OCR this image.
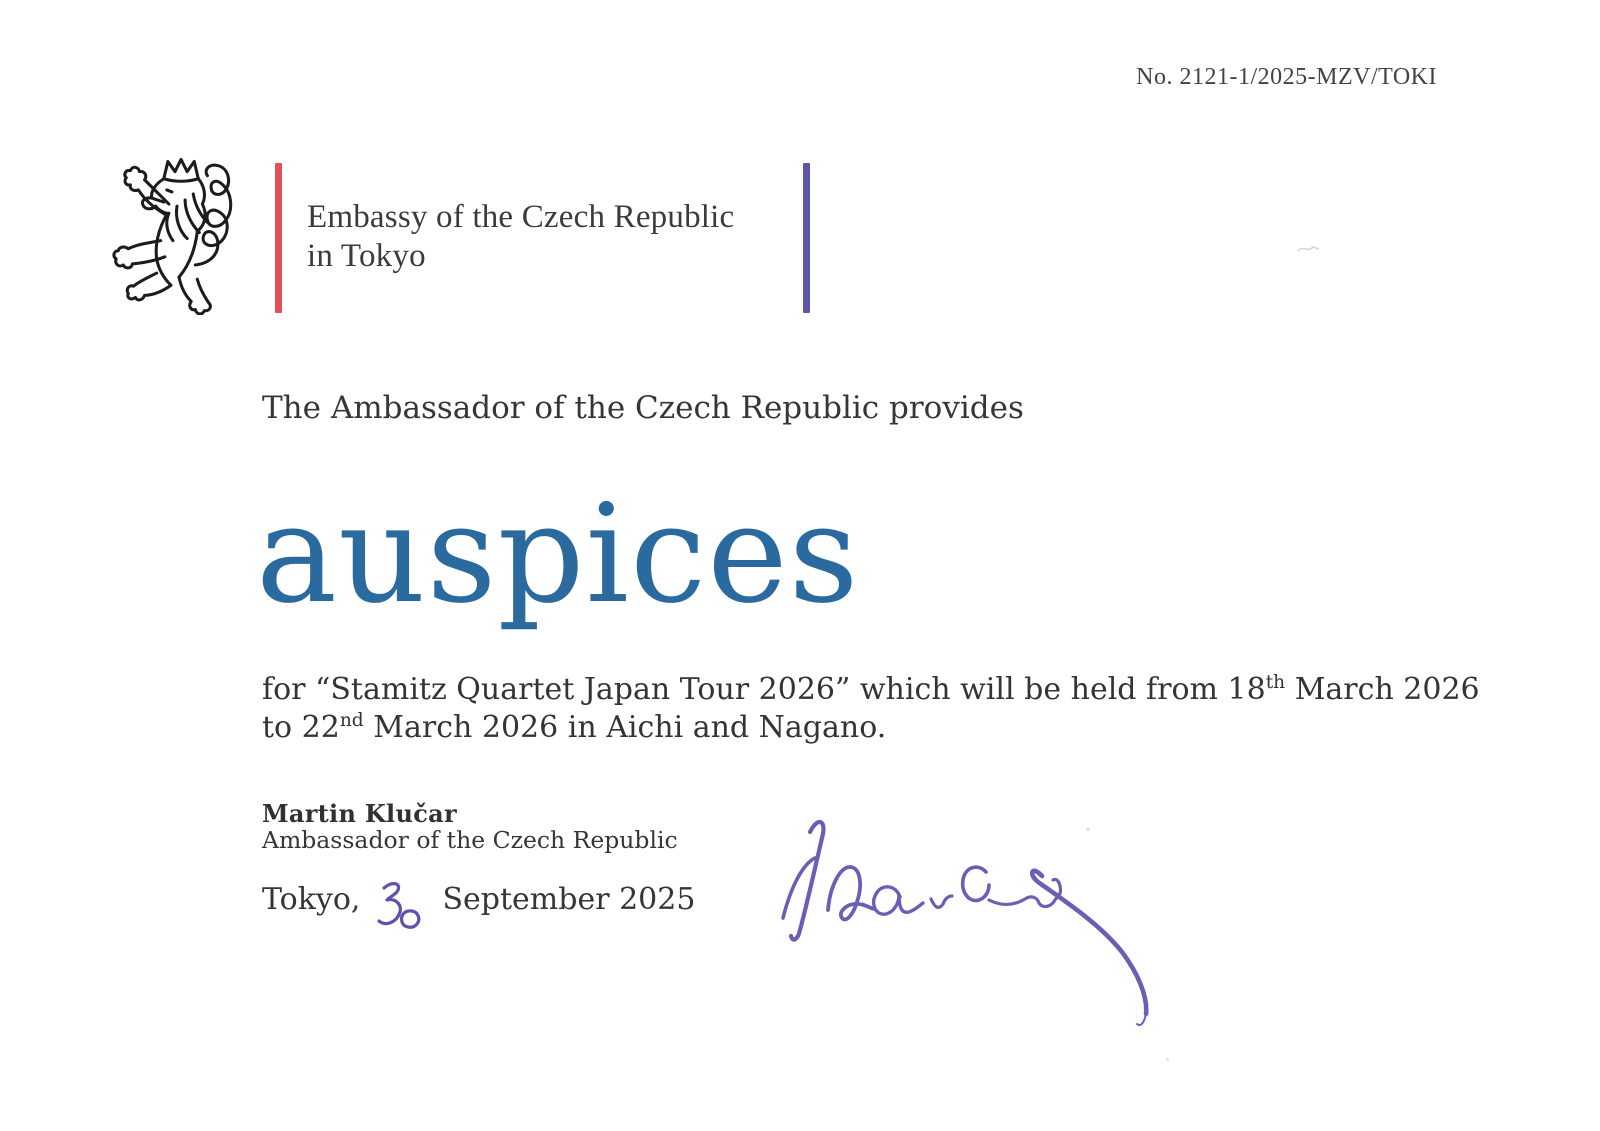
No. 2121-1/2025-MZV/TOKI
Embassy of the Czech Republic
in Tokyo
The Ambassador of the Czech Republic provides
auspices
for “Stamitz Quartet Japan Tour 2026” which will be held from 18th March 2026
to 22nd March 2026 in Aichi and Nagano.
Martin Klučar
Ambassador of the Czech Republic
Tokyo,	September 2025
